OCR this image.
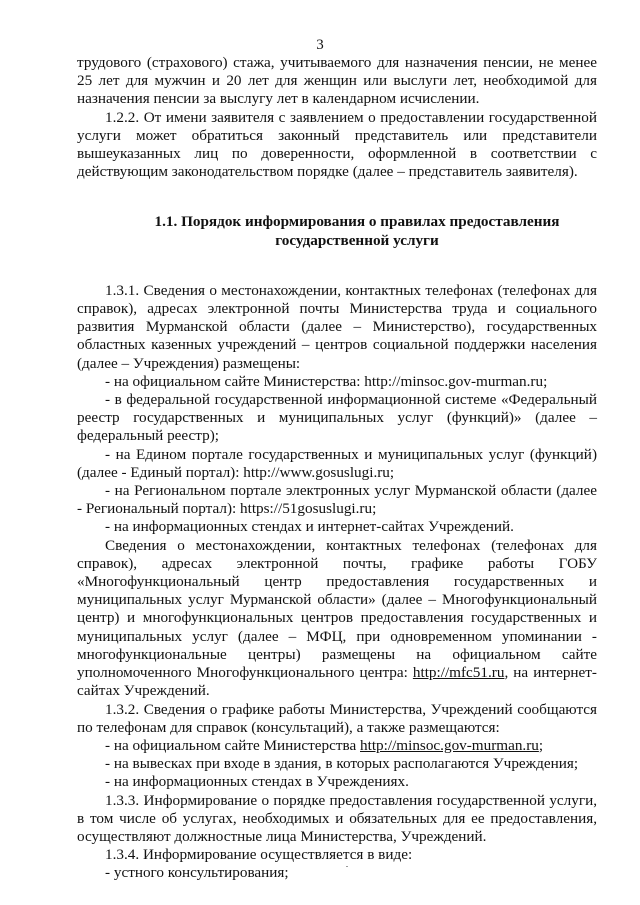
3

трудового (страхового) стажа, учитываемого для назначения пенсии, не менее 25 лет для мужчин и 20 лет для женщин или выслуги лет, необходимой для назначения пенсии за выслугу лет в календарном исчислении.

1.2.2. От имени заявителя с заявлением о предоставлении государственной услуги может обратиться законный представитель или представители вышеуказанных лиц по доверенности, оформленной в соответствии с действующим законодательством порядке (далее – представитель заявителя).

1.1. Порядок информирования о правилах предоставления
государственной услуги

1.3.1. Сведения о местонахождении, контактных телефонах (телефонах для справок), адресах электронной почты Министерства труда и социального развития Мурманской области (далее – Министерство), государственных областных казенных учреждений – центров социальной поддержки населения (далее – Учреждения) размещены:

- на официальном сайте Министерства: http://minsoc.gov-murman.ru;

- в федеральной государственной информационной системе «Федеральный реестр государственных и муниципальных услуг (функций)» (далее – федеральный реестр);

- на Едином портале государственных и муниципальных услуг (функций) (далее - Единый портал): http://www.gosuslugi.ru;

- на Региональном портале электронных услуг Мурманской области (далее - Региональный портал): https://51gosuslugi.ru;

- на информационных стендах и интернет-сайтах Учреждений.

Сведения о местонахождении, контактных телефонах (телефонах для справок), адресах электронной почты, графике работы ГОБУ «Многофункциональный центр предоставления государственных и муниципальных услуг Мурманской области» (далее – Многофункциональный центр) и многофункциональных центров предоставления государственных и муниципальных услуг (далее – МФЦ, при одновременном упоминании - многофункциональные центры) размещены на официальном сайте уполномоченного Многофункционального центра: http://mfc51.ru, на интернет-сайтах Учреждений.

1.3.2. Сведения о графике работы Министерства, Учреждений сообщаются по телефонам для справок (консультаций), а также размещаются:

- на официальном сайте Министерства http://minsoc.gov-murman.ru;

- на вывесках при входе в здания, в которых располагаются Учреждения;

- на информационных стендах в Учреждениях.

1.3.3. Информирование о порядке предоставления государственной услуги, в том числе об услугах, необходимых и обязательных для ее предоставления, осуществляют должностные лица Министерства, Учреждений.

1.3.4. Информирование осуществляется в виде:

- устного консультирования;
